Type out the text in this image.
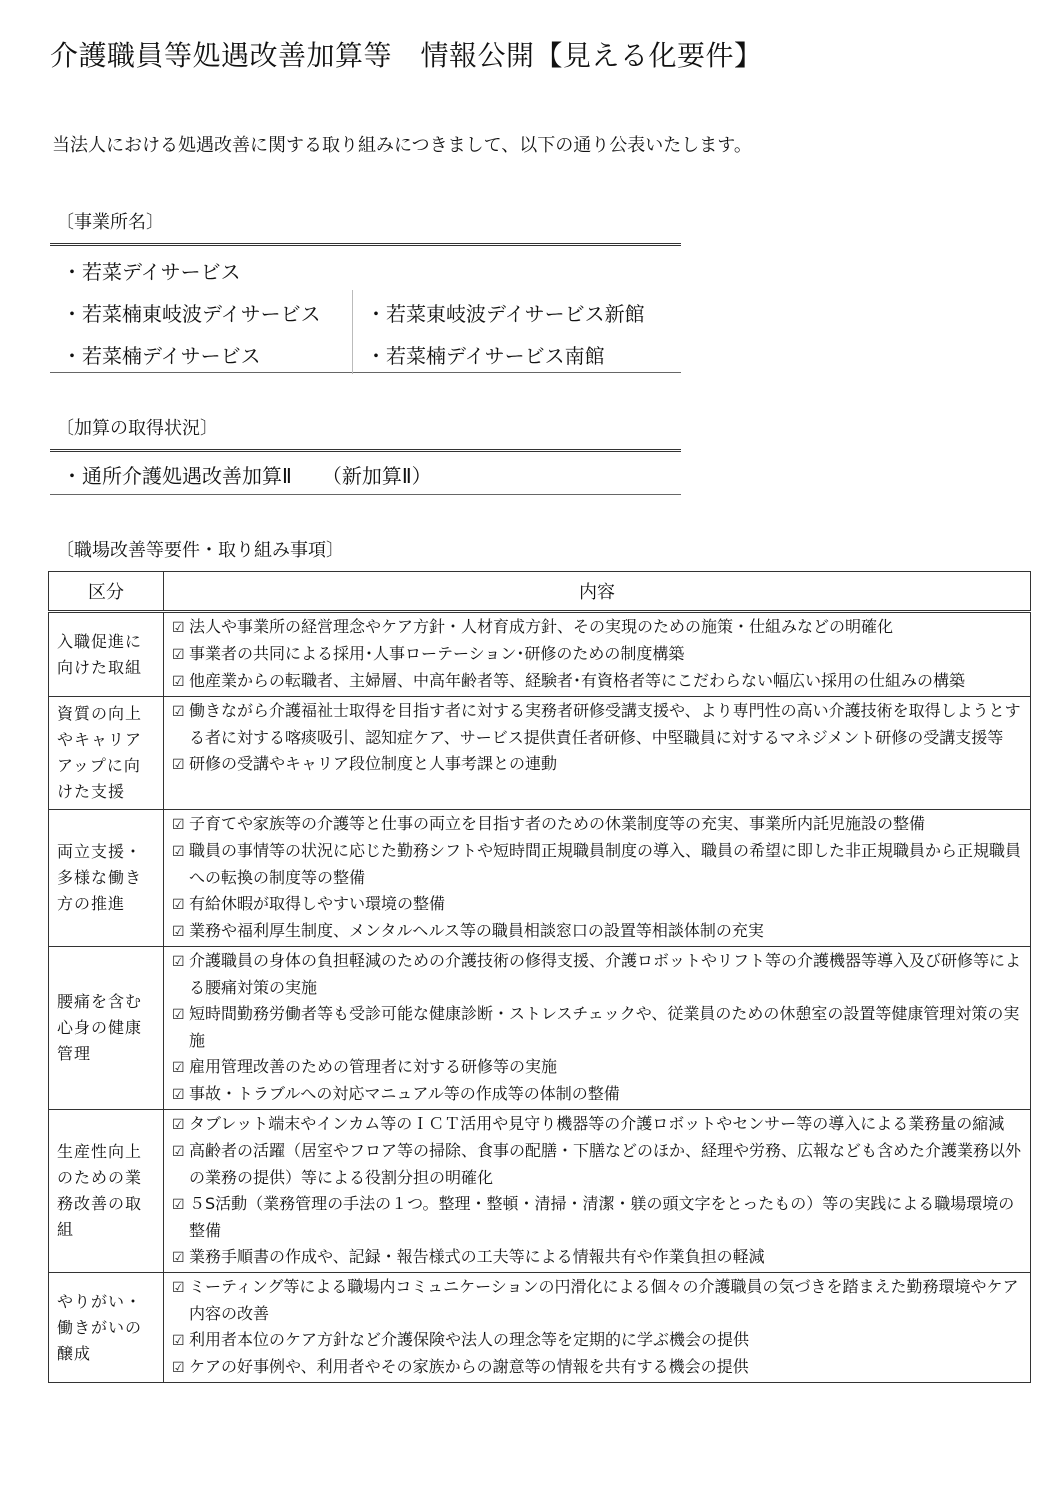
介護職員等処遇改善加算等　情報公開【見える化要件】
当法人における処遇改善に関する取り組みにつきまして、以下の通り公表いたします。
〔事業所名〕
・若菜デイサービス
・若菜楠東岐波デイサービス ・若菜東岐波デイサービス新館
・若菜楠デイサービス	・若菜楠デイサービス南館
〔加算の取得状況〕
・通所介護処遇改善加算Ⅱ　　（新加算Ⅱ）
〔職場改善等要件・取り組み事項〕
区分	内容
入職促進に向けた取組	☑ 法人や事業所の経営理念やケア方針・人材育成方針、その実現のための施策・仕組みなどの明確化
☑ 事業者の共同による採用･人事ローテーション･研修のための制度構築
☑ 他産業からの転職者、主婦層、中高年齢者等、経験者･有資格者等にこだわらない幅広い採用の仕組みの構築

資質の向上やキャリアアップに向けた支援	☑ 働きながら介護福祉士取得を目指す者に対する実務者研修受講支援や、より専門性の高い介護技術を取得しようとする者に対する喀痰吸引、認知症ケア、サービス提供責任者研修、中堅職員に対するマネジメント研修の受講支援等
☑ 研修の受講やキャリア段位制度と人事考課との連動

両立支援・多様な働き方の推進	☑ 子育てや家族等の介護等と仕事の両立を目指す者のための休業制度等の充実、事業所内託児施設の整備
☑ 職員の事情等の状況に応じた勤務シフトや短時間正規職員制度の導入、職員の希望に即した非正規職員から正規職員への転換の制度等の整備
☑ 有給休暇が取得しやすい環境の整備
☑ 業務や福利厚生制度、メンタルヘルス等の職員相談窓口の設置等相談体制の充実

腰痛を含む心身の健康管理	☑ 介護職員の身体の負担軽減のための介護技術の修得支援、介護ロボットやリフト等の介護機器等導入及び研修等による腰痛対策の実施
☑ 短時間勤務労働者等も受診可能な健康診断・ストレスチェックや、従業員のための休憩室の設置等健康管理対策の実施
☑ 雇用管理改善のための管理者に対する研修等の実施
☑ 事故・トラブルへの対応マニュアル等の作成等の体制の整備

生産性向上のための業務改善の取組	☑ タブレット端末やインカム等のＩＣＴ活用や見守り機器等の介護ロボットやセンサー等の導入による業務量の縮減
☑ 高齢者の活躍（居室やフロア等の掃除、食事の配膳・下膳などのほか、経理や労務、広報なども含めた介護業務以外の業務の提供）等による役割分担の明確化
☑ ５S活動（業務管理の手法の１つ。整理・整頓・清掃・清潔・躾の頭文字をとったもの）等の実践による職場環境の整備
☑ 業務手順書の作成や、記録・報告様式の工夫等による情報共有や作業負担の軽減

やりがい・働きがいの醸成	☑ ミーティング等による職場内コミュニケーションの円滑化による個々の介護職員の気づきを踏まえた勤務環境やケア内容の改善
☑ 利用者本位のケア方針など介護保険や法人の理念等を定期的に学ぶ機会の提供
☑ ケアの好事例や、利用者やその家族からの謝意等の情報を共有する機会の提供
